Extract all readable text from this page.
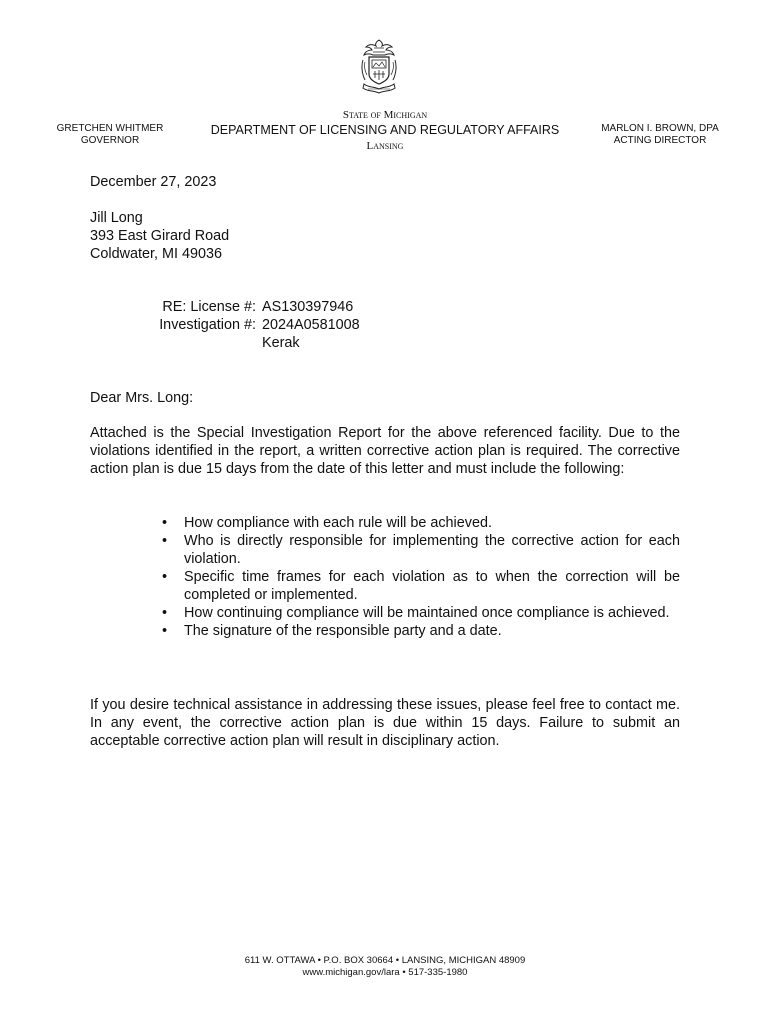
GRETCHEN WHITMER
GOVERNOR
State of Michigan
DEPARTMENT OF LICENSING AND REGULATORY AFFAIRS
Lansing
MARLON I. BROWN, DPA
ACTING DIRECTOR
December 27, 2023
Jill Long
393 East Girard Road
Coldwater, MI 49036
RE: License #: AS130397946
Investigation #: 2024A0581008
Kerak
Dear Mrs. Long:
Attached is the Special Investigation Report for the above referenced facility. Due to the violations identified in the report, a written corrective action plan is required. The corrective action plan is due 15 days from the date of this letter and must include the following:
• How compliance with each rule will be achieved.
• Who is directly responsible for implementing the corrective action for each violation.
• Specific time frames for each violation as to when the correction will be completed or implemented.
• How continuing compliance will be maintained once compliance is achieved.
• The signature of the responsible party and a date.
If you desire technical assistance in addressing these issues, please feel free to contact me. In any event, the corrective action plan is due within 15 days. Failure to submit an acceptable corrective action plan will result in disciplinary action.
611 W. OTTAWA • P.O. BOX 30664 • LANSING, MICHIGAN 48909
www.michigan.gov/lara • 517-335-1980
